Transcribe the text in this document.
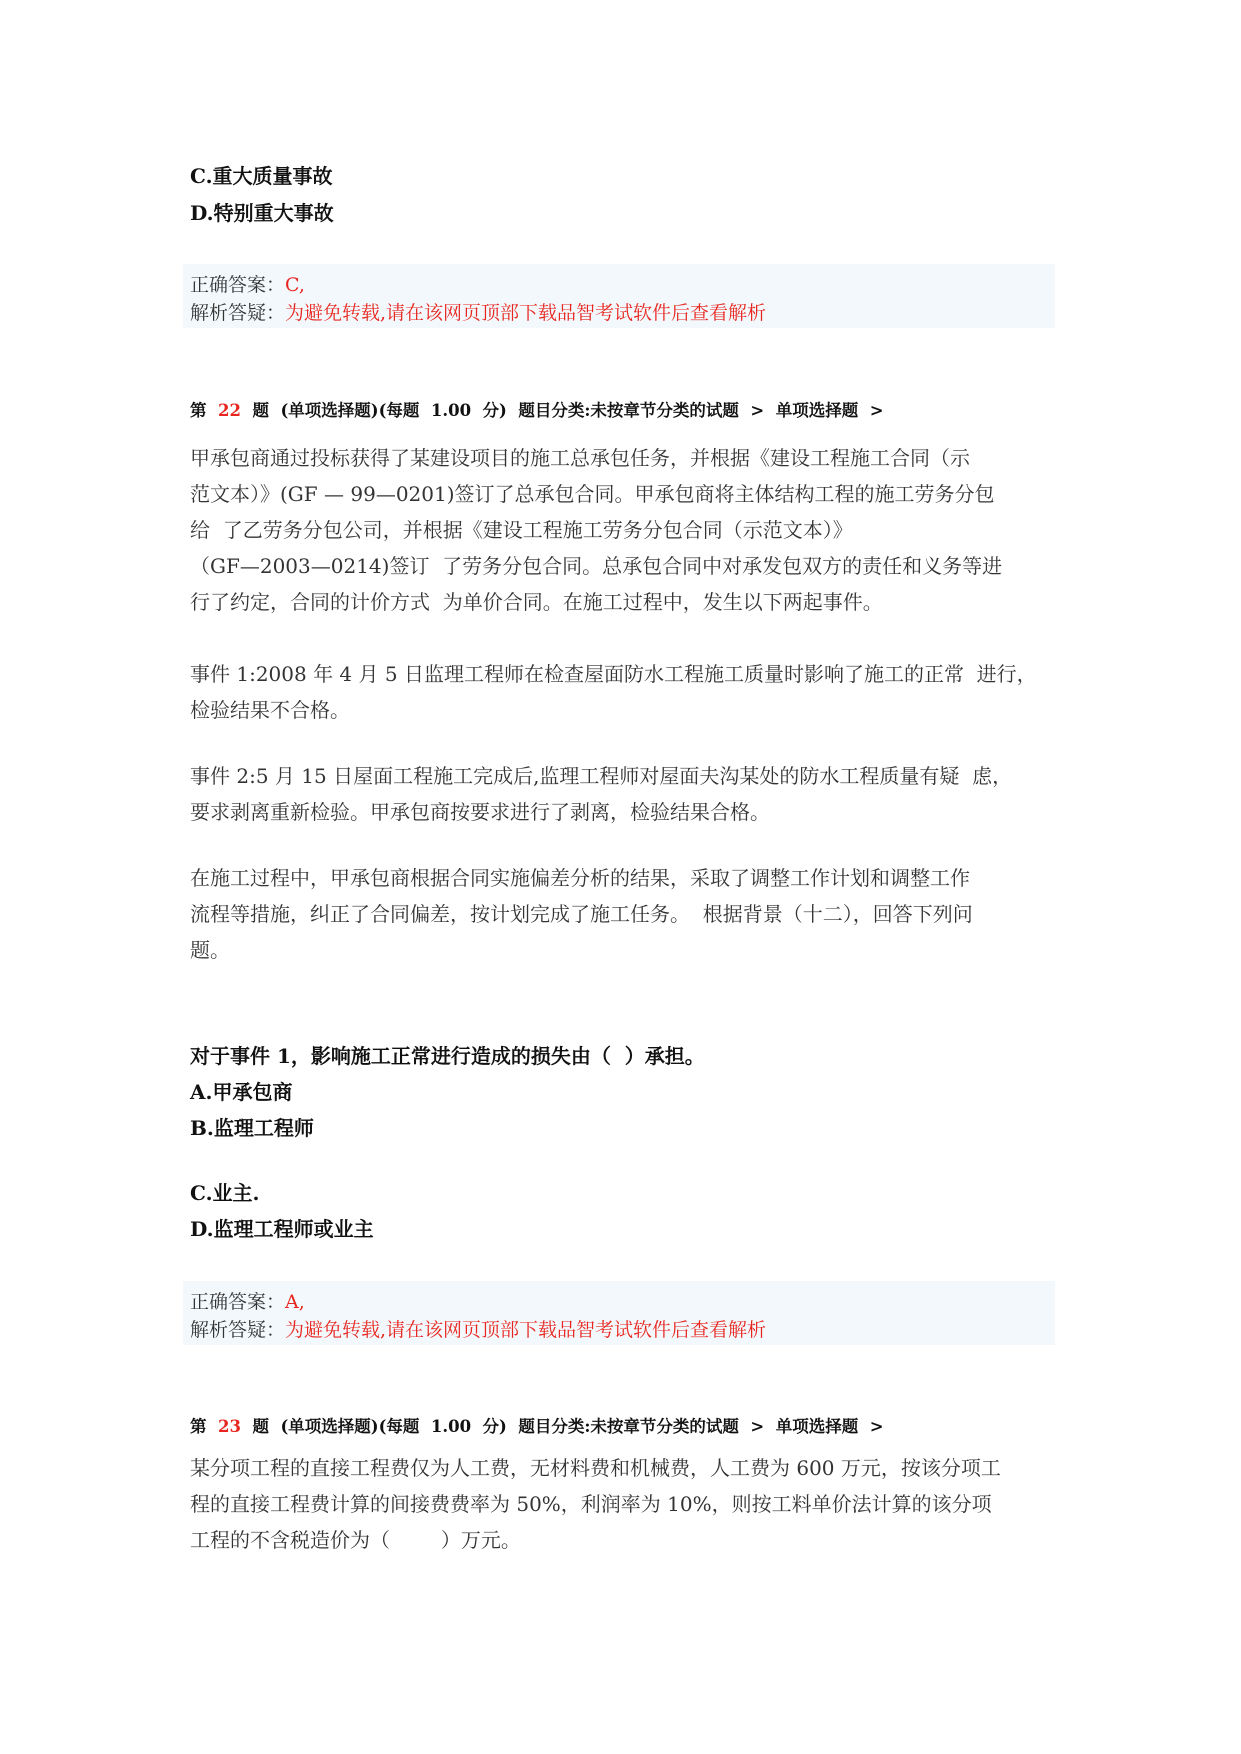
C.重大质量事故
D.特别重大事故
正确答案：C,
解析答疑：为避免转载,请在该网页顶部下载品智考试软件后查看解析
第 22 题  (单项选择题)(每题  1.00  分)  题目分类:未按章节分类的试题  >  单项选择题  >
甲承包商通过投标获得了某建设项目的施工总承包任务，并根据《建设工程施工合同（示
范文本）》(GF — 99—0201)签订了总承包合同。甲承包商将主体结构工程的施工劳务分包
给  了乙劳务分包公司，并根据《建设工程施工劳务分包合同（示范文本）》
（GF—2003—0214)签订  了劳务分包合同。总承包合同中对承发包双方的责任和义务等进
行了约定，合同的计价方式  为单价合同。在施工过程中，发生以下两起事件。
事件 1:2008 年 4 月 5 日监理工程师在检查屋面防水工程施工质量时影响了施工的正常  进行，
检验结果不合格。
事件 2:5 月 15 日屋面工程施工完成后,监理工程师对屋面夫沟某处的防水工程质量有疑  虑，
要求剥离重新检验。甲承包商按要求进行了剥离，检验结果合格。
在施工过程中，甲承包商根据合同实施偏差分析的结果，采取了调整工作计划和调整工作
流程等措施，纠正了合同偏差，按计划完成了施工任务。  根据背景（十二），回答下列问
题。
对于事件 1，影响施工正常进行造成的损失由（  ）承担。
A.甲承包商
B.监理工程师
C.业主.
D.监理工程师或业主
正确答案：A,
解析答疑：为避免转载,请在该网页顶部下载品智考试软件后查看解析
第 23 题  (单项选择题)(每题  1.00  分)  题目分类:未按章节分类的试题  >  单项选择题  >
某分项工程的直接工程费仅为人工费，无材料费和机械费，人工费为 600 万元，按该分项工
程的直接工程费计算的间接费费率为 50%，利润率为 10%，则按工料单价法计算的该分项
工程的不含税造价为（        ）万元。
